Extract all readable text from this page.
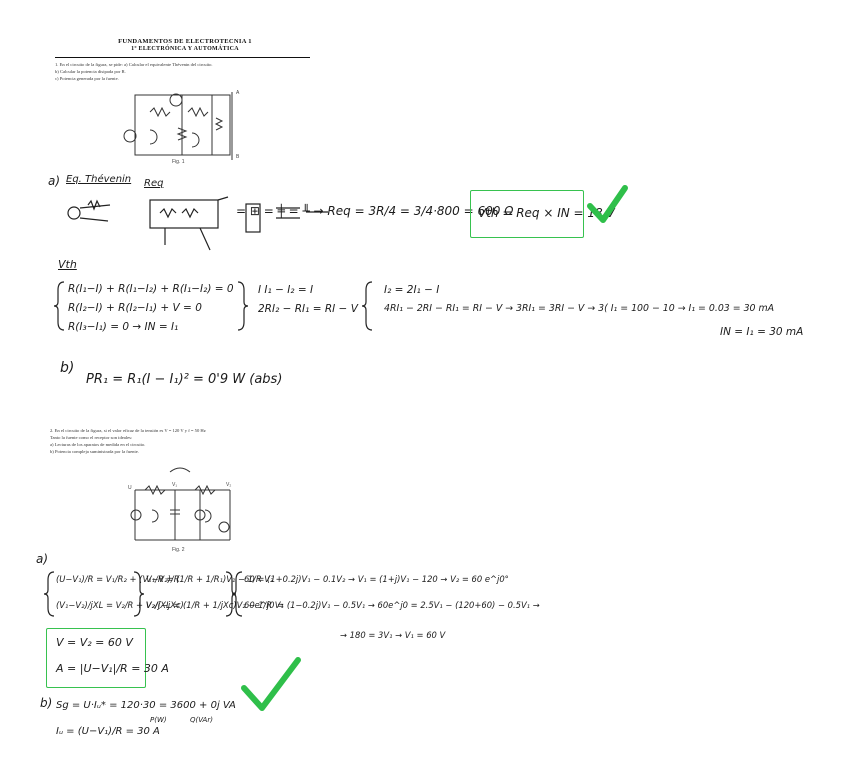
FUNDAMENTOS DE ELECTROTECNIA 1
1º ELECTRÓNICA Y AUTOMÁTICA
1. En el circuito de la figura, se pide: a) Calcular el equivalente Thévenin del circuito.
b) Calcular la potencia disipada por R.
c) Potencia generada por la fuente.
A
B
Fig. 1
a) Eq. Thévenin Req
= ⊞ = ╪ = ╨ → Req = 3R/4 = 3/4·800 = 600 Ω
Vth = Req × IN = 18 V
Vth
R(I₁−I) + R(I₁−I₂) + R(I₁−I₂) = 0
R(I₂−I) + R(I₂−I₁) + V = 0
R(I₃−I₁) = 0 → IN = I₁
I I₁ − I₂ = I
2RI₂ − RI₁ = RI − V
I₂ = 2I₁ − I
4RI₁ − 2RI − RI₁ = RI − V → 3RI₁ = 3RI − V → 3( I₁ = 100 − 10 → I₁ = 0.03 = 30 mA
IN = I₁ = 30 mA
b)
PR₁ = R₁(I − I₁)² = 0'9 W (abs)
2. En el circuito de la figura, si el valor eficaz de la tensión es V = 120 V y f = 50 Hz
Tanto la fuente como el receptor son ideales:
a) Lecturas de los aparatos de medida en el circuito.
b) Potencia compleja suministrada por la fuente.
U	V₁	V₂
Fig. 2
a)
(U−V₁)/R = V₁/R₂ + (V₁−V₂)/R
(V₁−V₂)/jXL = V₂/R + V₂/(−jXc)
V₁/R = (1/R + 1/R₁)V₁ − 1/R V₂
V₂/jXL = (1/R + 1/jXc)V₂ − 1/R V₁
60 = (1+0.2j)V₁ − 0.1V₂ → V₁ = (1+j)V₁ − 120 → V₂ = 60 e^j0°
60e^j0 = (1−0.2j)V₁ − 0.5V₁ → 60e^j0 = 2.5V₁ − (120+60) − 0.5V₁ →
→ 180 = 3V₁ → V₁ = 60 V
V = V₂ = 60 V
A = |U−V₁|/R = 30 A
b) Sg = U·Iᵤ* = 120·30 = 3600 + 0j VA
P(W)	Q(VAr)
Iᵤ = (U−V₁)/R = 30 A
